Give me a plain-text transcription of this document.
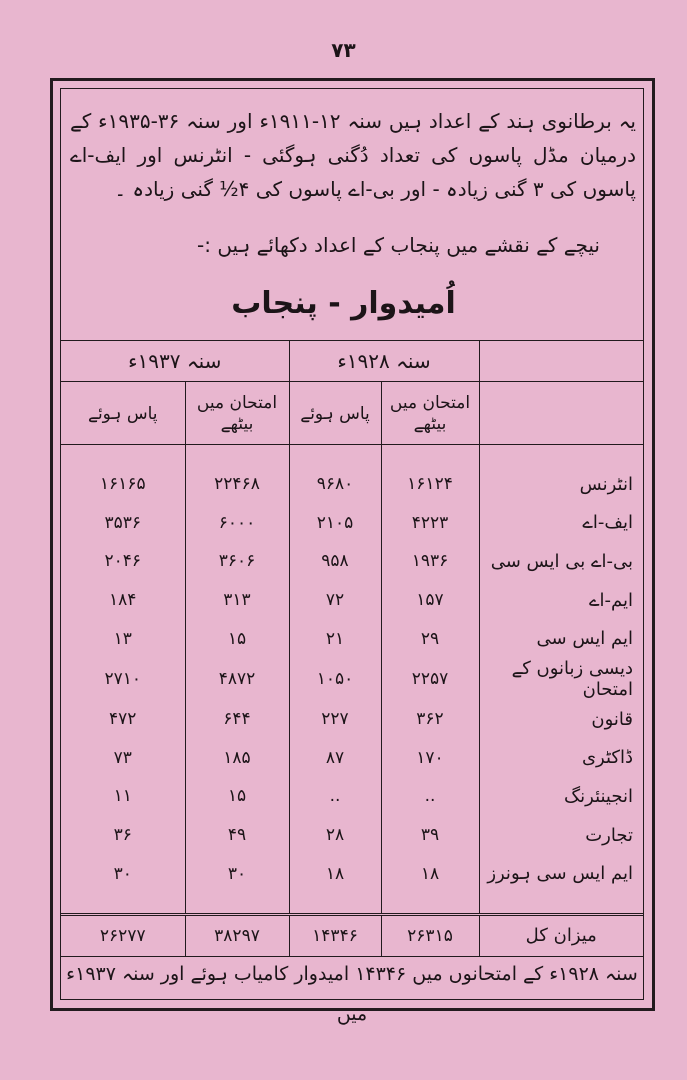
۷۳
یہ برطانوی ہند کے اعداد ہیں سنہ ۱۲-۱۹۱۱ء اور سنہ ۳۶-۱۹۳۵ء کے درمیان مڈل پاسوں کی تعداد دُگنی ہوگئی - انٹرنس اور ایف-اے پاسوں کی ۳ گنی زیادہ - اور بی-اے پاسوں کی ۴½ گنی زیادہ ۔
نیچے کے نقشے میں پنجاب کے اعداد دکھائے ہیں :-
اُمیدوار - پنجاب
	سنہ ۱۹۲۸ء		سنہ ۱۹۳۷ء	
	امتحان میں بیٹھے	پاس ہوئے	امتحان میں بیٹھے	پاس ہوئے

انٹرنس	۱۶۱۲۴	۹۶۸۰	۲۲۴۶۸	۱۶۱۶۵
ایف-اے	۴۲۲۳	۲۱۰۵	۶۰۰۰	۳۵۳۶
بی-اے بی ایس سی	۱۹۳۶	۹۵۸	۳۶۰۶	۲۰۴۶
ایم-اے	۱۵۷	۷۲	۳۱۳	۱۸۴
ایم ایس سی	۲۹	۲۱	۱۵	۱۳
دیسی زبانوں کے امتحان	۲۲۵۷	۱۰۵۰	۴۸۷۲	۲۷۱۰
قانون	۳۶۲	۲۲۷	۶۴۴	۴۷۲
ڈاکٹری	۱۷۰	۸۷	۱۸۵	۷۳
انجینئرنگ	..	..	۱۵	۱۱
تجارت	۳۹	۲۸	۴۹	۳۶
ایم ایس سی ہونرز	۱۸	۱۸	۳۰	۳۰

میزان کل	۲۶۳۱۵	۱۴۳۴۶	۳۸۲۹۷	۲۶۲۷۷
سنہ ۱۹۲۸ء کے امتحانوں میں ۱۴۳۴۶ امیدوار کامیاب ہوئے اور سنہ ۱۹۳۷ء میں
